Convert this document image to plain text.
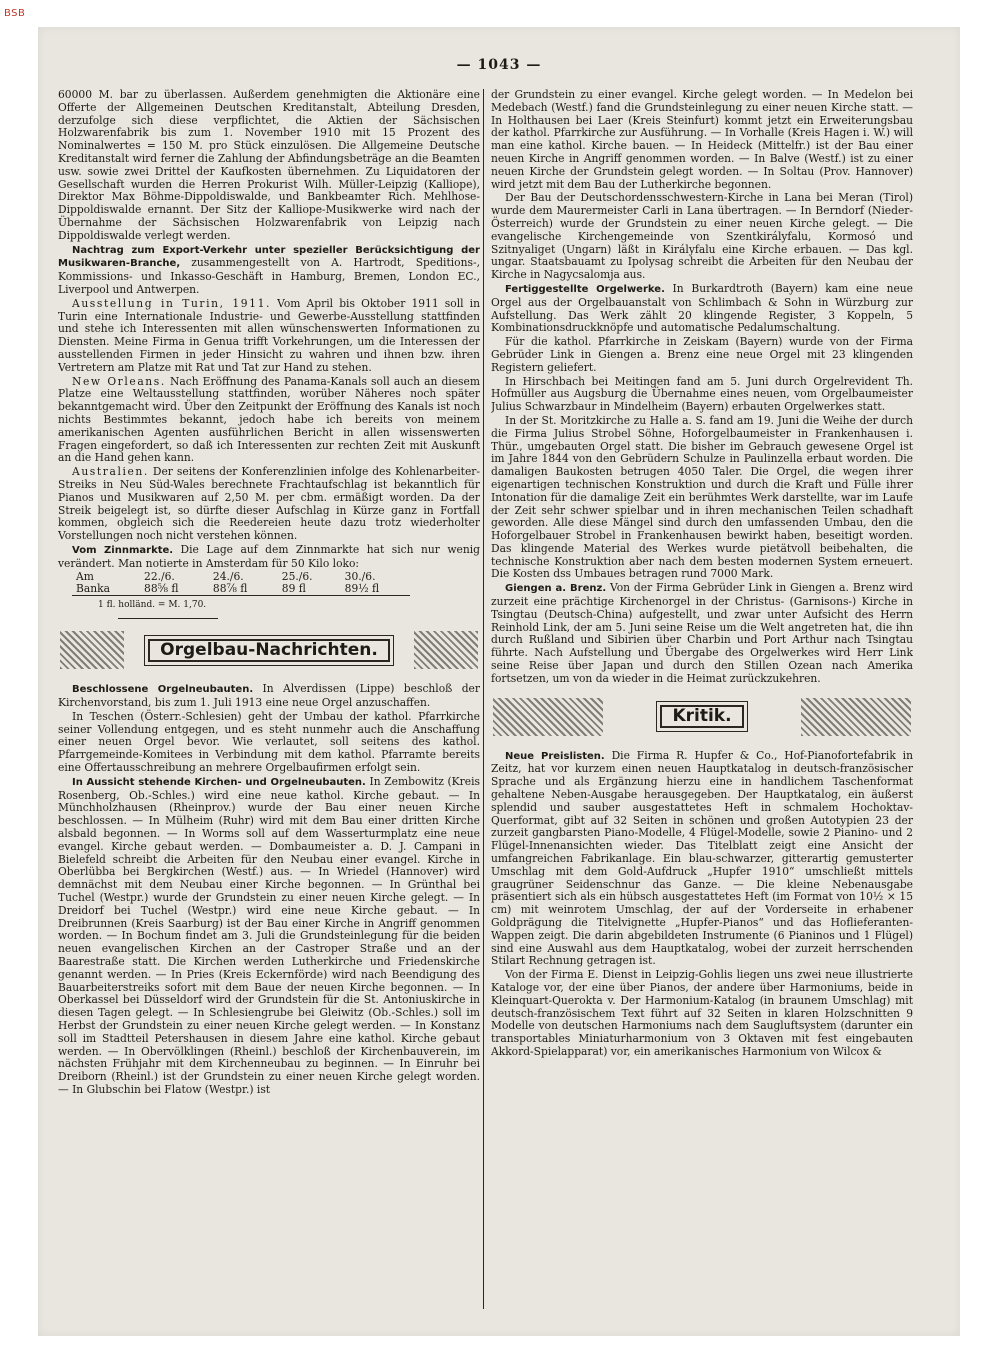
BSB
— 1043 —

60000 M. bar zu überlassen. Außerdem genehmigten die Aktionäre eine Offerte der Allgemeinen Deutschen Kreditanstalt, Abteilung Dresden, derzufolge sich diese verpflichtet, die Aktien der Sächsischen Holzwarenfabrik bis zum 1. November 1910 mit 15 Prozent des Nominalwertes = 150 M. pro Stück einzulösen. Die Allgemeine Deutsche Kreditanstalt wird ferner die Zahlung der Abfindungsbeträge an die Beamten usw. sowie zwei Drittel der Kaufkosten übernehmen. Zu Liquidatoren der Gesellschaft wurden die Herren Prokurist Wilh. Müller-Leipzig (Kalliope), Direktor Max Böhme-Dippoldiswalde, und Bankbeamter Rich. Mehlhose-Dippoldiswalde ernannt. Der Sitz der Kalliope-Musikwerke wird nach der Übernahme der Sächsischen Holzwarenfabrik von Leipzig nach Dippoldiswalde verlegt werden.

Nachtrag zum Export-Verkehr unter spezieller Berücksichtigung der Musikwaren-Branche, zusammengestellt von A. Hartrodt, Speditions-, Kommissions- und Inkasso-Geschäft in Hamburg, Bremen, London EC., Liverpool und Antwerpen.

Ausstellung in Turin, 1911. Vom April bis Oktober 1911 soll in Turin eine Internationale Industrie- und Gewerbe-Ausstellung stattfinden und stehe ich Interessenten mit allen wünschenswerten Informationen zu Diensten. Meine Firma in Genua trifft Vorkehrungen, um die Interessen der ausstellenden Firmen in jeder Hinsicht zu wahren und ihnen bzw. ihren Vertretern am Platze mit Rat und Tat zur Hand zu stehen.

New Orleans. Nach Eröffnung des Panama-Kanals soll auch an diesem Platze eine Weltausstellung stattfinden, worüber Näheres noch später bekanntgemacht wird. Über den Zeitpunkt der Eröffnung des Kanals ist noch nichts Bestimmtes bekannt, jedoch habe ich bereits von meinem amerikanischen Agenten ausführlichen Bericht in allen wissenswerten Fragen eingefordert, so daß ich Interessenten zur rechten Zeit mit Auskunft an die Hand gehen kann.

Australien. Der seitens der Konferenzlinien infolge des Kohlenarbeiter-Streiks in Neu Süd-Wales berechnete Frachtaufschlag ist bekanntlich für Pianos und Musikwaren auf 2,50 M. per cbm. ermäßigt worden. Da der Streik beigelegt ist, so dürfte dieser Aufschlag in Kürze ganz in Fortfall kommen, obgleich sich die Reedereien heute dazu trotz wiederholter Vorstellungen noch nicht verstehen können.

Vom Zinnmarkte. Die Lage auf dem Zinnmarkte hat sich nur wenig verändert. Man notierte in Amsterdam für 50 Kilo loko:

Am	22./6.	24./6.	25./6.	30./6.
Banka	88⅝ fl	88⅞ fl	89 fl	89½ fl
1 fl. holländ. = M. 1,70.
Orgelbau-Nachrichten.

Beschlossene Orgelneubauten. In Alverdissen (Lippe) beschloß der Kirchenvorstand, bis zum 1. Juli 1913 eine neue Orgel anzuschaffen.

In Teschen (Österr.-Schlesien) geht der Umbau der kathol. Pfarrkirche seiner Vollendung entgegen, und es steht nunmehr auch die Anschaffung einer neuen Orgel bevor. Wie verlautet, soll seitens des kathol. Pfarrgemeinde-Komitees in Verbindung mit dem kathol. Pfarramte bereits eine Offertausschreibung an mehrere Orgelbaufirmen erfolgt sein.

In Aussicht stehende Kirchen- und Orgelneubauten. In Zembowitz (Kreis Rosenberg, Ob.-Schles.) wird eine neue kathol. Kirche gebaut. — In Münchholzhausen (Rheinprov.) wurde der Bau einer neuen Kirche beschlossen. — In Mülheim (Ruhr) wird mit dem Bau einer dritten Kirche alsbald begonnen. — In Worms soll auf dem Wasserturmplatz eine neue evangel. Kirche gebaut werden. — Dombaumeister a. D. J. Campani in Bielefeld schreibt die Arbeiten für den Neubau einer evangel. Kirche in Oberlübba bei Bergkirchen (Westf.) aus. — In Wriedel (Hannover) wird demnächst mit dem Neubau einer Kirche begonnen. — In Grünthal bei Tuchel (Westpr.) wurde der Grundstein zu einer neuen Kirche gelegt. — In Dreidorf bei Tuchel (Westpr.) wird eine neue Kirche gebaut. — In Dreibrunnen (Kreis Saarburg) ist der Bau einer Kirche in Angriff genommen worden. — In Bochum findet am 3. Juli die Grundsteinlegung für die beiden neuen evangelischen Kirchen an der Castroper Straße und an der Baarestraße statt. Die Kirchen werden Lutherkirche und Friedenskirche genannt werden. — In Pries (Kreis Eckernförde) wird nach Beendigung des Bauarbeiterstreiks sofort mit dem Baue der neuen Kirche begonnen. — In Oberkassel bei Düsseldorf wird der Grundstein für die St. Antoniuskirche in diesen Tagen gelegt. — In Schlesiengrube bei Gleiwitz (Ob.-Schles.) soll im Herbst der Grundstein zu einer neuen Kirche gelegt werden. — In Konstanz soll im Stadtteil Petershausen in diesem Jahre eine kathol. Kirche gebaut werden. — In Obervölklingen (Rheinl.) beschloß der Kirchenbauverein, im nächsten Frühjahr mit dem Kirchenneubau zu beginnen. — In Einruhr bei Dreiborn (Rheinl.) ist der Grundstein zu einer neuen Kirche gelegt worden. — In Glubschin bei Flatow (Westpr.) ist

der Grundstein zu einer evangel. Kirche gelegt worden. — In Medelon bei Medebach (Westf.) fand die Grundsteinlegung zu einer neuen Kirche statt. — In Holthausen bei Laer (Kreis Steinfurt) kommt jetzt ein Erweiterungsbau der kathol. Pfarrkirche zur Ausführung. — In Vorhalle (Kreis Hagen i. W.) will man eine kathol. Kirche bauen. — In Heideck (Mittelfr.) ist der Bau einer neuen Kirche in Angriff genommen worden. — In Balve (Westf.) ist zu einer neuen Kirche der Grundstein gelegt worden. — In Soltau (Prov. Hannover) wird jetzt mit dem Bau der Lutherkirche begonnen.

Der Bau der Deutschordensschwestern-Kirche in Lana bei Meran (Tirol) wurde dem Maurermeister Carli in Lana übertragen. — In Berndorf (Nieder-Österreich) wurde der Grundstein zu einer neuen Kirche gelegt. — Die evangelische Kirchengemeinde von Szentkirályfalu, Kormosó und Szitnyaliget (Ungarn) läßt in Királyfalu eine Kirche erbauen. — Das kgl. ungar. Staatsbauamt zu Ipolysag schreibt die Arbeiten für den Neubau der Kirche in Nagycsalomja aus.

Fertiggestellte Orgelwerke. In Burkardtroth (Bayern) kam eine neue Orgel aus der Orgelbauanstalt von Schlimbach & Sohn in Würzburg zur Aufstellung. Das Werk zählt 20 klingende Register, 3 Koppeln, 5 Kombinationsdruckknöpfe und automatische Pedalumschaltung.

Für die kathol. Pfarrkirche in Zeiskam (Bayern) wurde von der Firma Gebrüder Link in Giengen a. Brenz eine neue Orgel mit 23 klingenden Registern geliefert.

In Hirschbach bei Meitingen fand am 5. Juni durch Orgelrevident Th. Hofmüller aus Augsburg die Übernahme eines neuen, vom Orgelbaumeister Julius Schwarzbaur in Mindelheim (Bayern) erbauten Orgelwerkes statt.

In der St. Moritzkirche zu Halle a. S. fand am 19. Juni die Weihe der durch die Firma Julius Strobel Söhne, Hoforgelbaumeister in Frankenhausen i. Thür., umgebauten Orgel statt. Die bisher im Gebrauch gewesene Orgel ist im Jahre 1844 von den Gebrüdern Schulze in Paulinzella erbaut worden. Die damaligen Baukosten betrugen 4050 Taler. Die Orgel, die wegen ihrer eigenartigen technischen Konstruktion und durch die Kraft und Fülle ihrer Intonation für die damalige Zeit ein berühmtes Werk darstellte, war im Laufe der Zeit sehr schwer spielbar und in ihren mechanischen Teilen schadhaft geworden. Alle diese Mängel sind durch den umfassenden Umbau, den die Hoforgelbauer Strobel in Frankenhausen bewirkt haben, beseitigt worden. Das klingende Material des Werkes wurde pietätvoll beibehalten, die technische Konstruktion aber nach dem besten modernen System erneuert. Die Kosten dss Umbaues betragen rund 7000 Mark.

Giengen a. Brenz. Von der Firma Gebrüder Link in Giengen a. Brenz wird zurzeit eine prächtige Kirchenorgel in der Christus- (Garnisons-) Kirche in Tsingtau (Deutsch-China) aufgestellt, und zwar unter Aufsicht des Herrn Reinhold Link, der am 5. Juni seine Reise um die Welt angetreten hat, die ihn durch Rußland und Sibirien über Charbin und Port Arthur nach Tsingtau führte. Nach Aufstellung und Übergabe des Orgelwerkes wird Herr Link seine Reise über Japan und durch den Stillen Ozean nach Amerika fortsetzen, um von da wieder in die Heimat zurückzukehren.

Kritik.

Neue Preislisten. Die Firma R. Hupfer & Co., Hof-Pianofortefabrik in Zeitz, hat vor kurzem einen neuen Hauptkatalog in deutsch-französischer Sprache und als Ergänzung hierzu eine in handlichem Taschenformat gehaltene Neben-Ausgabe herausgegeben. Der Hauptkatalog, ein äußerst splendid und sauber ausgestattetes Heft in schmalem Hochoktav-Querformat, gibt auf 32 Seiten in schönen und großen Autotypien 23 der zurzeit gangbarsten Piano-Modelle, 4 Flügel-Modelle, sowie 2 Pianino- und 2 Flügel-Innenansichten wieder. Das Titelblatt zeigt eine Ansicht der umfangreichen Fabrikanlage. Ein blau-schwarzer, gitterartig gemusterter Umschlag mit dem Gold-Aufdruck „Hupfer 1910“ umschließt mittels graugrüner Seidenschnur das Ganze. — Die kleine Nebenausgabe präsentiert sich als ein hübsch ausgestattetes Heft (im Format von 10½ × 15 cm) mit weinrotem Umschlag, der auf der Vorderseite in erhabener Goldprägung die Titelvignette „Hupfer-Pianos“ und das Hoflieferanten-Wappen zeigt. Die darin abgebildeten Instrumente (6 Pianinos und 1 Flügel) sind eine Auswahl aus dem Hauptkatalog, wobei der zurzeit herrschenden Stilart Rechnung getragen ist.

Von der Firma E. Dienst in Leipzig-Gohlis liegen uns zwei neue illustrierte Kataloge vor, der eine über Pianos, der andere über Harmoniums, beide in Kleinquart-Querokta v. Der Harmonium-Katalog (in braunem Umschlag) mit deutsch-französischem Text führt auf 32 Seiten in klaren Holzschnitten 9 Modelle von deutschen Harmoniums nach dem Saugluftsystem (darunter ein transportables Miniaturharmonium von 3 Oktaven mit fest eingebauten Akkord-Spielapparat) vor, ein amerikanisches Harmonium von Wilcox &
